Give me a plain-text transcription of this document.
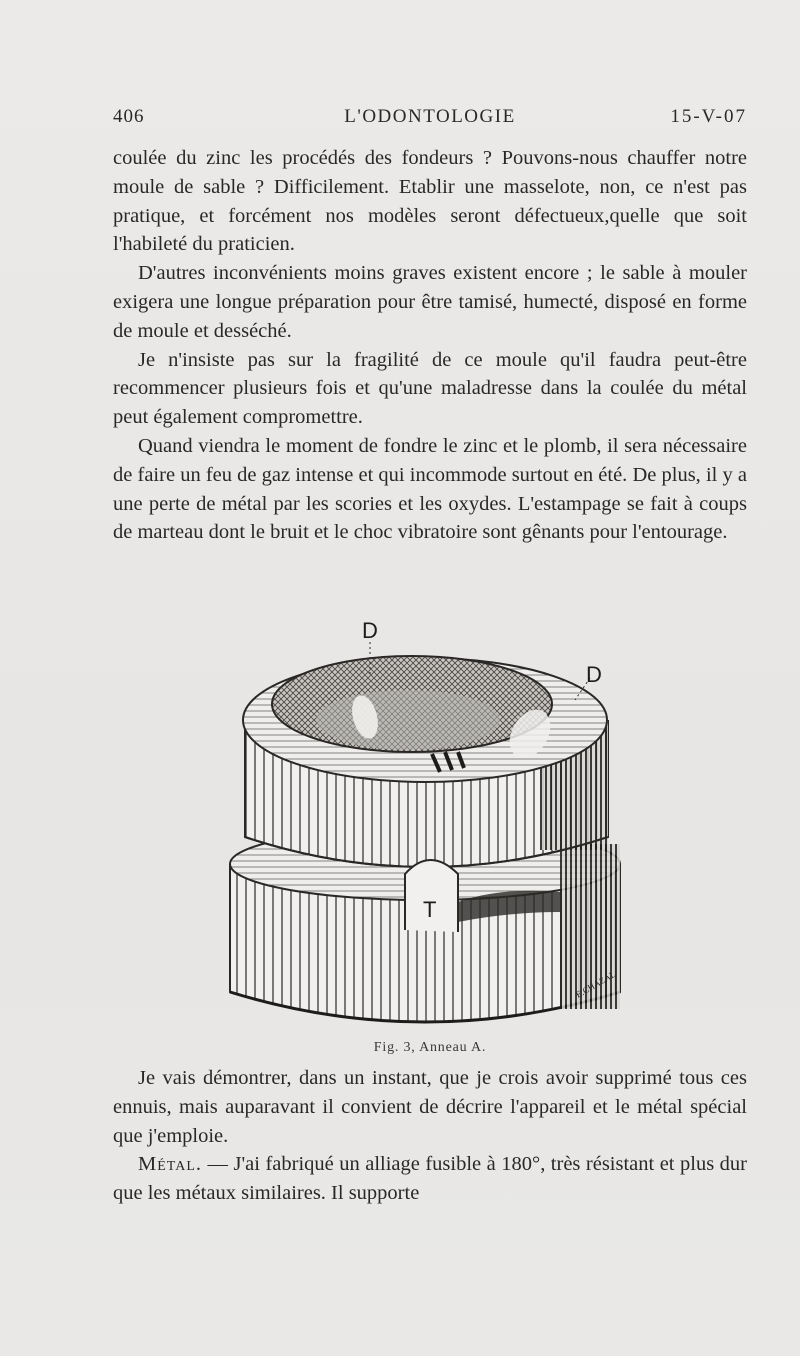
406	L'ODONTOLOGIE	15-V-07

coulée du zinc les procédés des fondeurs ? Pouvons-nous chauffer notre moule de sable ? Difficilement. Etablir une masselote, non, ce n'est pas pratique, et forcément nos modèles seront défectueux,quelle que soit l'habileté du praticien.

D'autres inconvénients moins graves existent encore ; le sable à mouler exigera une longue préparation pour être tamisé, humecté, disposé en forme de moule et desséché.

Je n'insiste pas sur la fragilité de ce moule qu'il faudra peut-être recommencer plusieurs fois et qu'une maladresse dans la coulée du métal peut également compromettre.

Quand viendra le moment de fondre le zinc et le plomb, il sera nécessaire de faire un feu de gaz intense et qui incommode surtout en été. De plus, il y a une perte de métal par les scories et les oxydes. L'estampage se fait à coups de marteau dont le bruit et le choc vibratoire sont gênants pour l'entourage.

T
D
D
E.CHAZAL
Fig. 3, Anneau A.

Je vais démontrer, dans un instant, que je crois avoir supprimé tous ces ennuis, mais auparavant il convient de décrire l'appareil et le métal spécial que j'emploie.

Métal. — J'ai fabriqué un alliage fusible à 180°, très résistant et plus dur que les métaux similaires. Il supporte
